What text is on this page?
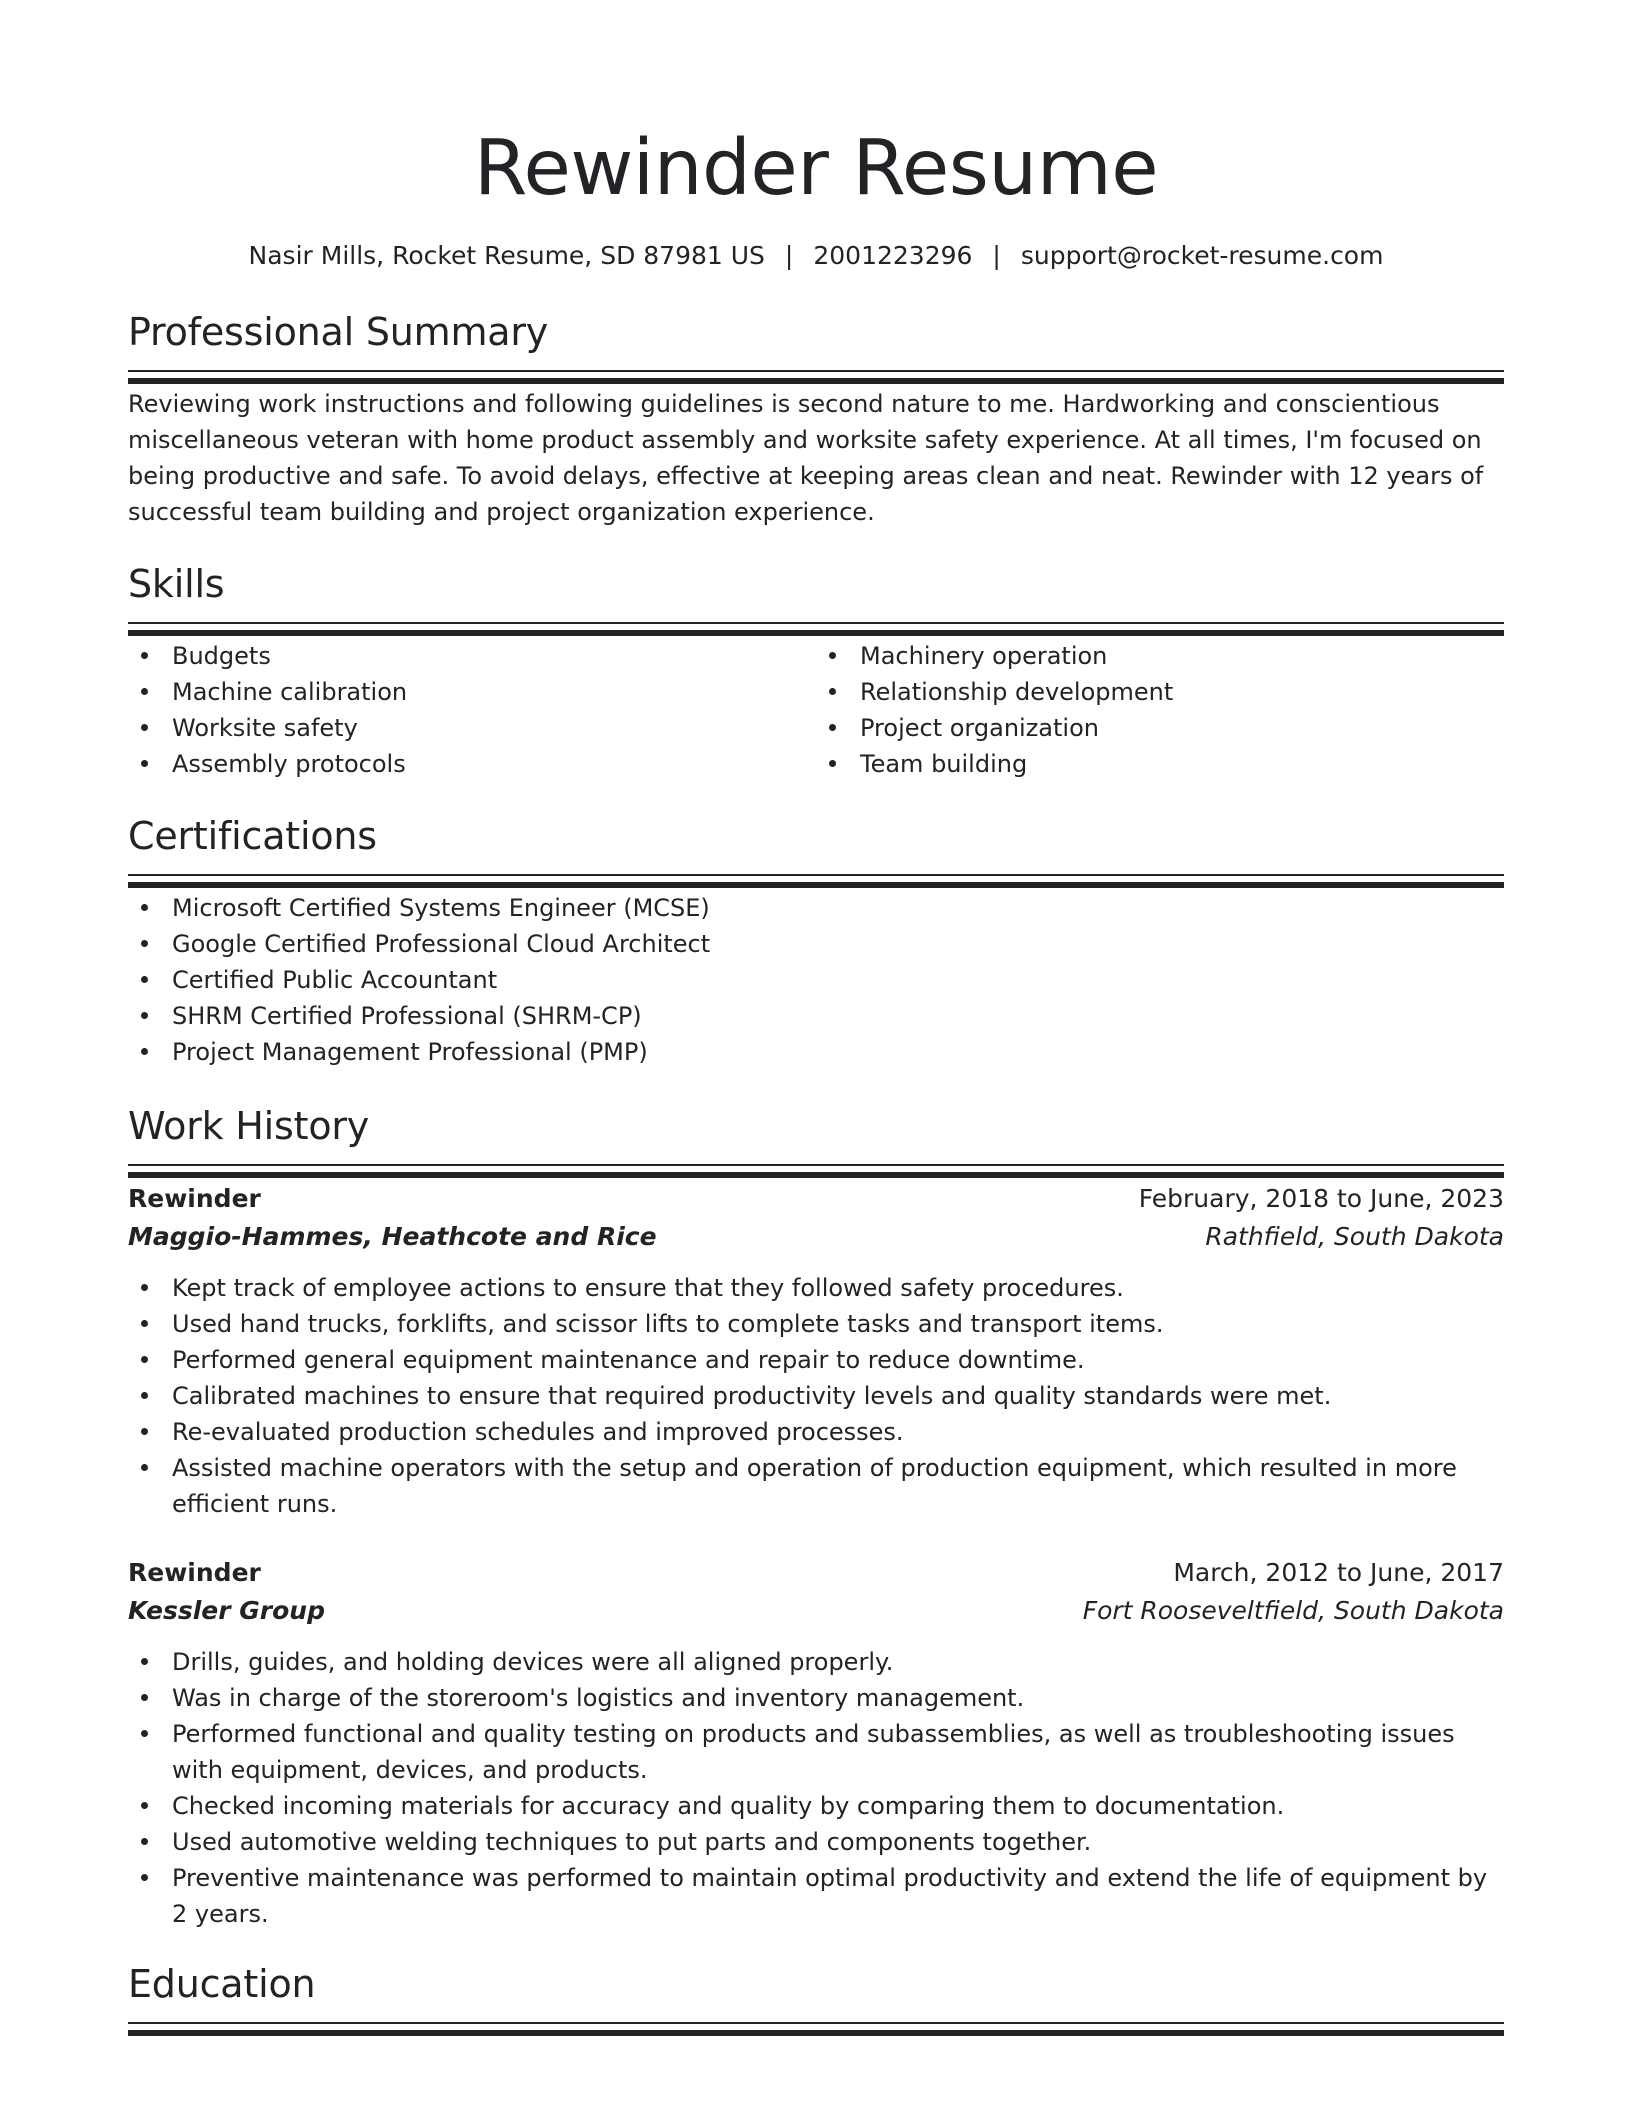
Rewinder Resume
Nasir Mills, Rocket Resume, SD 87981 US | 2001223296 | support@rocket-resume.com
Professional Summary

Reviewing work instructions and following guidelines is second nature to me. Hardworking and conscientious miscellaneous veteran with home product assembly and worksite safety experience. At all times, I'm focused on being productive and safe. To avoid delays, effective at keeping areas clean and neat. Rewinder with 12 years of successful team building and project organization experience.

Skills
Budgets
Machine calibration
Worksite safety
Assembly protocols
Machinery operation
Relationship development
Project organization
Team building
Certifications
Microsoft Certified Systems Engineer (MCSE)
Google Certified Professional Cloud Architect
Certified Public Accountant
SHRM Certified Professional (SHRM-CP)
Project Management Professional (PMP)
Work History
Rewinder	February, 2018 to June, 2023
Maggio-Hammes, Heathcote and Rice	Rathfield, South Dakota
Kept track of employee actions to ensure that they followed safety procedures.
Used hand trucks, forklifts, and scissor lifts to complete tasks and transport items.
Performed general equipment maintenance and repair to reduce downtime.
Calibrated machines to ensure that required productivity levels and quality standards were met.
Re-evaluated production schedules and improved processes.
Assisted machine operators with the setup and operation of production equipment, which resulted in more efficient runs.
Rewinder	March, 2012 to June, 2017
Kessler Group	Fort Rooseveltfield, South Dakota
Drills, guides, and holding devices were all aligned properly.
Was in charge of the storeroom's logistics and inventory management.
Performed functional and quality testing on products and subassemblies, as well as troubleshooting issues with equipment, devices, and products.
Checked incoming materials for accuracy and quality by comparing them to documentation.
Used automotive welding techniques to put parts and components together.
Preventive maintenance was performed to maintain optimal productivity and extend the life of equipment by 2 years.
Education
